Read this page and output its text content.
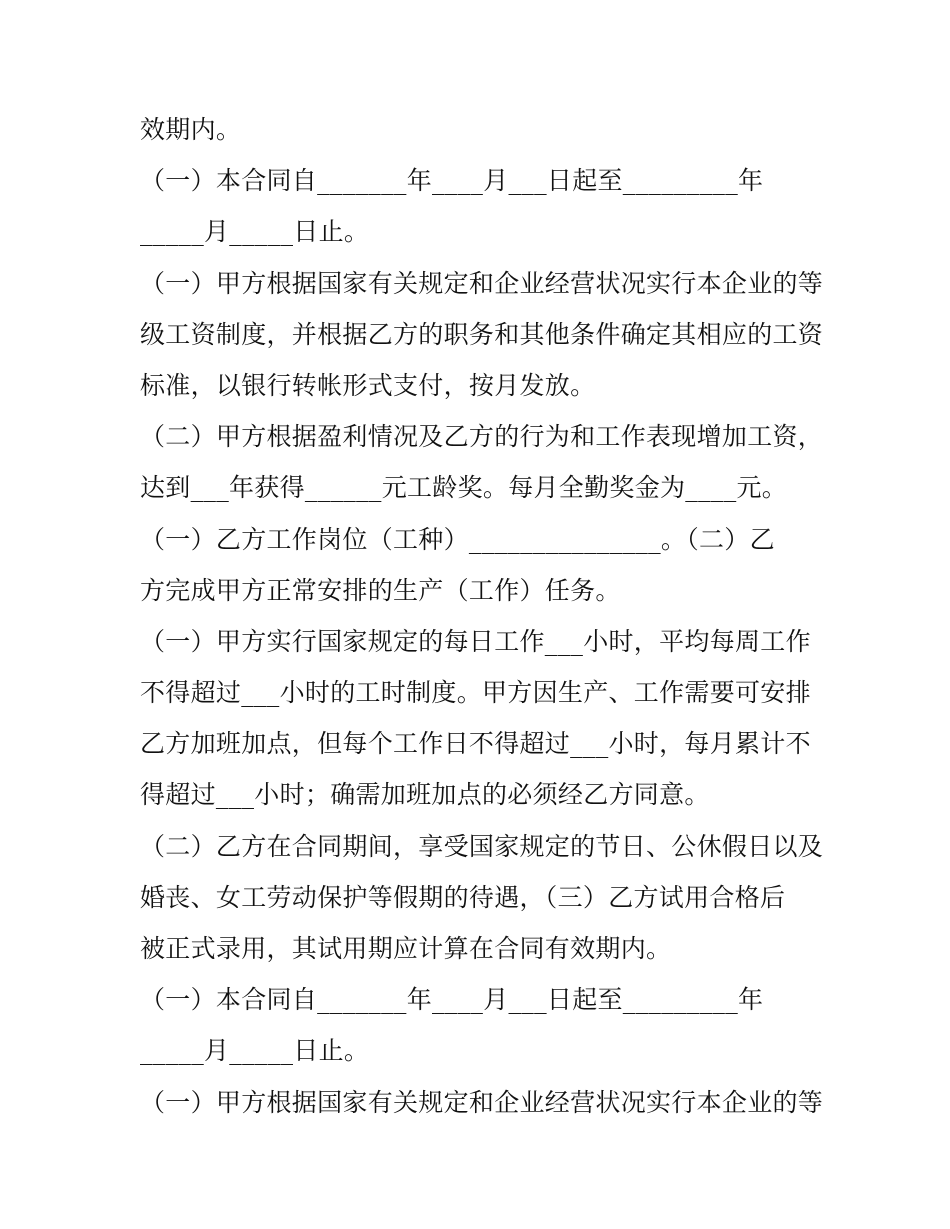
效期内。
（一）本合同自_______年____月___日起至_________年
_____月_____日止。
（一）甲方根据国家有关规定和企业经营状况实行本企业的等
级工资制度，并根据乙方的职务和其他条件确定其相应的工资
标准，以银行转帐形式支付，按月发放。
（二）甲方根据盈利情况及乙方的行为和工作表现增加工资，
达到___年获得______元工龄奖。每月全勤奖金为____元。
（一）乙方工作岗位（工种）_______________。（二）乙
方完成甲方正常安排的生产（工作）任务。
（一）甲方实行国家规定的每日工作___小时，平均每周工作
不得超过___小时的工时制度。甲方因生产、工作需要可安排
乙方加班加点，但每个工作日不得超过___小时，每月累计不
得超过___小时；确需加班加点的必须经乙方同意。
（二）乙方在合同期间，享受国家规定的节日、公休假日以及
婚丧、女工劳动保护等假期的待遇，（三）乙方试用合格后
被正式录用，其试用期应计算在合同有效期内。
（一）本合同自_______年____月___日起至_________年
_____月_____日止。
（一）甲方根据国家有关规定和企业经营状况实行本企业的等
